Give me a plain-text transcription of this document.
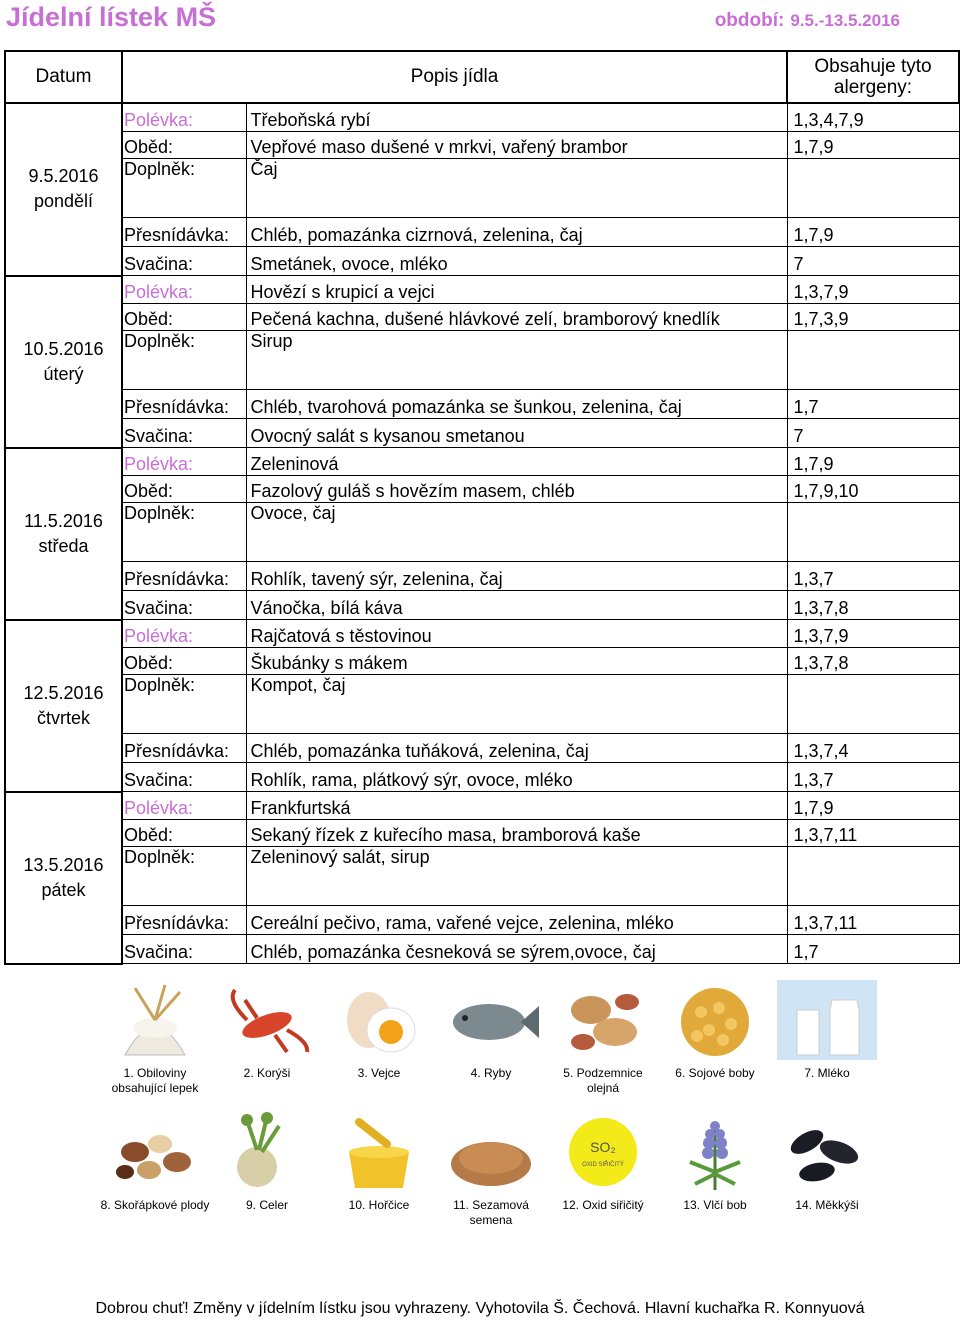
Jídelní lístek MŠ	období: 9.5.-13.5.2016
Datum	Popis jídla		Obsahuje tyto
alergeny:
9.5.2016
pondělí	Polévka:	Třeboňská rybí	1,3,4,7,9
	Oběd:	Vepřové maso dušené v mrkvi, vařený brambor	1,7,9
	Doplněk:	Čaj	
	Přesnídávka:	Chléb, pomazánka cizrnová, zelenina, čaj	1,7,9
	Svačina:	Smetánek, ovoce, mléko	7
10.5.2016
úterý	Polévka:	Hovězí s krupicí a vejci	1,3,7,9
	Oběd:	Pečená kachna, dušené hlávkové zelí, bramborový knedlík	1,7,3,9
	Doplněk:	Sirup	
	Přesnídávka:	Chléb, tvarohová pomazánka se šunkou, zelenina, čaj	1,7
	Svačina:	Ovocný salát s kysanou smetanou	7
11.5.2016
středa	Polévka:	Zeleninová	1,7,9
	Oběd:	Fazolový guláš s hovězím masem, chléb	1,7,9,10
	Doplněk:	Ovoce, čaj	
	Přesnídávka:	Rohlík, tavený sýr, zelenina, čaj	1,3,7
	Svačina:	Vánočka, bílá káva	1,3,7,8
12.5.2016
čtvrtek	Polévka:	Rajčatová s těstovinou	1,3,7,9
	Oběd:	Škubánky s mákem	1,3,7,8
	Doplněk:	Kompot, čaj	
	Přesnídávka:	Chléb, pomazánka tuňáková, zelenina, čaj	1,3,7,4
	Svačina:	Rohlík, rama, plátkový sýr, ovoce, mléko	1,3,7
13.5.2016
pátek	Polévka:	Frankfurtská	1,7,9
	Oběd:	Sekaný řízek z kuřecího masa, bramborová kaše	1,3,7,11
	Doplněk:	Zeleninový salát, sirup	
	Přesnídávka:	Cereální pečivo, rama, vařené vejce, zelenina, mléko	1,3,7,11
	Svačina:	Chléb, pomazánka česneková se sýrem,ovoce, čaj	1,7
1. Obiloviny
obsahující lepek
2. Korýši	3. Vejce	4. Ryby	5. Podzemnice
olejná
6. Sojové boby	7. Mléko
8. Skořápkové plody	9. Celer	10. Hořčice	11. Sezamová
semena
SO₂
OXID SIŘIČITÝ
12. Oxid siřičitý	13. Vlčí bob	14. Měkkýši
Dobrou chuť! Změny v jídelním lístku jsou vyhrazeny. Vyhotovila Š. Čechová. Hlavní kuchařka R. Konnyuová
